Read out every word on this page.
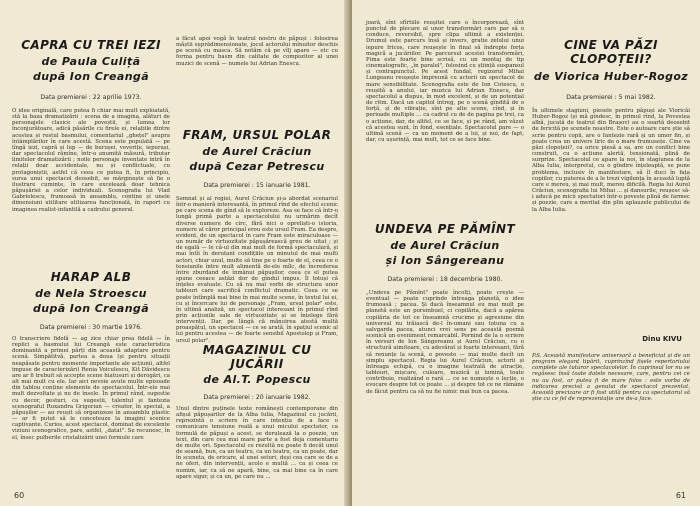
CAPRA CU TREI IEZI
de Paula Culiță
după Ion Creangă
Data premierei : 22 aprilie 1973.
O idee originală, care putea fi chiar mai mult exploatată, stă la baza dramatizării : scena de a imagina, alături de personajele clasice ale poveștii, și lumea lor înconjurătoare, adică păsările cu firele ei, relațiile dintre acestea și restul basmului, comentariul „ghețel" asupra întâmplărilor în care acestă. Scena este populată — pe lîngă iezi, capră și lup — de burușei, veverițe, iepurași, dar spectacolul rămîne, într-o anumită măsură, tributar limitelor dramatizării ; noile personaje inventate intră în relații doar accidentale, nu și conflictuale, cu protagoniștii, astfel că ceea ce putea fi, în principiu, sursa unui spectacol deosebit, se mărginește să fie o ilustrare cuminte, în care excelează doar tehnica păpușăriei a celor individuali. Scenografia lui Vlad Gabrielescu, frumoasă în ansamblu, contine și unele dimensiuni utilitare utilizarea funcțională, în raport cu imaginea realist-infantilă a cadrului general.
HARAP ALB
de Nela Stroescu
după Ion Creangă
Data premierei : 30 martie 1976.
O transcriere fidelă — ag zice chiar prea fidelă — în replici a basmului lui Creangă este caracteristica dominantă a primei părți din această adaptare pentru scenă. Simpătitvă, partea a doua (și pentru situații neapăsate pentru momente importante ale acțiunii, altfel impuse de caracterizări) Renia Voiculescu, Kit Dăvidescu are ar fi trebuit să accepte scene hiatusuri și derogări, ca alt mai mult cu ele. Iar aici nevoie avute multe episoade din tablou conține elemente de spectacolul. Într-ele mai mult dezvoltate și nu de însele. În primul rând, sugestie cu decor, gesturi, ca sugestii, talentul și fantezia scenograful Ruxandra Grigorian — creator, în special, a păpușilor — au reușit să organizeze în ansamblu plastic — ar fi putut să le conceteuze la imagini scenice captivante. Curios, acest spectacol, dominat de excelente viziuni scenografice, pare, astfel, „datat". Se recunosc, în el, însec pulberile cristalizării unei formule care
a făcut apoi vogă în teatrul nostru de păpuși : folosirea măștii suprădimensionate, jocul actorului mînuitor deschis pe scenă cu masca. Să notăm că pe vîlj apare — etc cu forma pentru basm din calitate de compozitor al unei muzici de scenă — numele lui Adrian Enescu.
FRAM, URSUL POLAR
de Aurel Crăciun
după Cezar Petrescu
Data premierei : 15 ianuarie 1981.
Semnat și al regiei, Aurel Crăciun și-a abordat scenariul într-o manieră interesantă, în primul rînd de efectul scenic pe care scena de gînd să le exploreze. Asa se face că într-o lungă primă parte a spectacolului nu urmărim decît diverse numere de circ, fără nici o opreliști-o istoria, numere al căror principal erou este ursul Fram. Ea despre, evident, de un spectacol în care Fram este miraculoase — un număr de virtuozitate păpușărească greu de uitat ; și de egală — le că-ul din mai mult de formă spectaculară, și mai întîi în derutant condițiile un minutul de mai multi actori, chiar unul, multe să tine pe o foarte de el, ceea ce o tensiunile între mult alimentă de-ele mîlc, de încrederea între zburdand de înmânui păpușilor, ceea ce el putea spune ceeace astăzi dor de gîndul impus. Îl totuși că înțeles evaluate. Cu să nu mai vorbi de structura unor tablouri care sacrifică conflictul dramatic. Ceea ce se poate întîmplă mai bine în mai multe scene, în textul lui ei, cu și încercare lui de personaje „Fram, ursul polar" este, în ultimă analiză, un spectacol interesant în primul rînd prin acțiunile sale de virtuozitate și se înțelege fără intervenții. Dar, pe lângă că mănuirea atestă multă proaspătul, un spectacol — ce se arată, în spațiul scenic al lui pentru acestea — de foarte sensibil Apostolop și Fram, ursul polar".
MAGAZINUL CU JUCĂRII
de Al.T. Popescu
Data premierei : 20 ianuarie 1982.
Unul dintre puținele texte românești contemporane din afișul păpușarilor de la Alba Iulia, Magazinul cu jucării, reprezintă o scriere în care intenția de a face o comunicare tensiune reală a unui micului spectator, ca formulă de păpuși a acest, se derulează la o poezie, un text, din care cea mai mare parte a fost deja comentariu de multe ori. Spectacolul ce rezultă nu poate fi decât unul de seamă, bun, ca un teatru, ca un teatru, ca un poate, dar în sceneta, de oricare, al unei seturi, deși cea care se de a ne oferi, din intervenții, acolo e multă ... ca și ceea ce numim, iar, ca să ne apară, bine, ca mai bine ca în care apare sigur, și ca un, pe care nu ...
60
joară, sînt sfîrtiile reușitei care o încorporează, sînt punctul de plecare al unor transformări care par să o conduce, reversibil, spre clipa ultimă a existenței. Drumul este parcurs însă și invers, gratie zelului unui iepure fricos, care reușește în final să îndrepte forța magică a jucăriilor. Pe parcursul acestei transformări, Fima este foarte bine scrisă, cu un montaj de tip cinematografic, „în paralel", folosind cu știință suspansul și contrapunctul. Pe acest fundal, regizorul Mihai Lungeanu reușește împreună cu actorii un spectacol de mare sensibilitate. Scenografia este de Ion Cotescu, o reușită a anului, iar muzica lui Adrian Enescu, dar spectacolul a dispus, în mod excelent, și de un potențial de ritm. Dacă un capitol întreg, pe o scenă gîndită de o forță, și de vibrație, sînt pe alte scene, cînd, și în perioade multiple ... ca cadrul cu de de pagina pe trei, ca o acțiune, dar, de altfel, ce se face, și pe rând, am văzut că acestea sunt, în fond, esențiale. Spectacolul pare — o ultimă scenă — ca un moment de a lui, și noi, de fapt, dar, cu ușurință, mai mult, tot ce se face bine.
UNDEVA PE PĂMÎNT
de Aurel Crăciun
și Ion Sângereanu
Data premierei : 18 decembrie 1980.
„Undeva pe Pămînt" poate încolți, poate crește — eventual — poate cuprinde întreaga planetă, o idee frumoasă ; pacea. Și dacă înseamnul eu mai mult pe planetă este un porumbuel, ci copilăria, dacă a apărea copilăria de tot ce înseamnă crucime și agresiune din universul nu trăiască de-l în-umani sau totuna cu a salvgarda pacea, atunci vrei sens pe această poemă scenică un eveniment remarcabil. Pornind de la o scriere în versuri de Ion Sângereanu și Aurel Crăciun, cu o structură uimitoare, cu adevărat și foarte interesant, fără să renunțe la scenă, o poveste — mai multe decît un simplu spectacol. Regia lui Aurel Crăciun, actorii și întreaga echipă, cu o imagine teatrală de atracție, tablouri, mișcare, culoare, muzică și lumină, toate contribuie, realizând o rară ... ce se numește o lecție, o evocare despre tot ce poate ... și despre tot ce ne rămâne de făcut pentru ca să nu fie nimic mai bun ca pacea.
CINE VA PĂZI CLOPOȚEII?
de Viorica Huber-Rogoz
Data premierei : 5 mai 1982.
În ultimele stagiuni, piesele pentru păpuși ale Vioricăi Huber-Rogoz (și mă gîndesc, în primul rînd, la Povestea albă, jucată de teatrul din Brașov) au o soartă deosebit de fericită pe scenele noastre. Este o autoare care știe să scrie pentru copii, are o fantezie rară și un umor fin, și poate crea un univers liric de o mare frumusețe. Cine va păzi clopoțeii?, ca orice piesă a sa, are un conflict bine construit, cu o acțiune alertă, tensionată, plină de surprize. Spectacolul ce apare la noi, în stagiunea de la Alba Iulia, interpretul, cu o gîndire înțeleaptă, se pune problema, inclusiv în manifestare, să îl duci în fața copiilor, cu puterea de a le trezi vigilența în această luptă care e mereu, și mai mult, mereu dificilă. Regia lui Aurel Crăciun, scenografia lui Mihai ... și dansurile, reușesc să-i aducă pe micii spectatori într-o poveste plină de farmec și poezie, care a meritat din plin aplauzele publicului de la Alba Iulia.
Dinu KIVU
P.S. Această manifestare aniversară a beneficiat și de un program elegant tipărit, cuprinzînd fișele repertoriului complete ale tuturor spectacolelor. În cuprinsul lor nu se regăsesc însă toate datele necesare, care, pentru cei ce nu au fost, ar putea fi de mare folos : este vorba de indicarea precisă a genului de spectacol prezentat. Această precizare ar fi fost utilă pentru ca spectatorul să știe cu ce fel de reprezentație are de-a face.
61
